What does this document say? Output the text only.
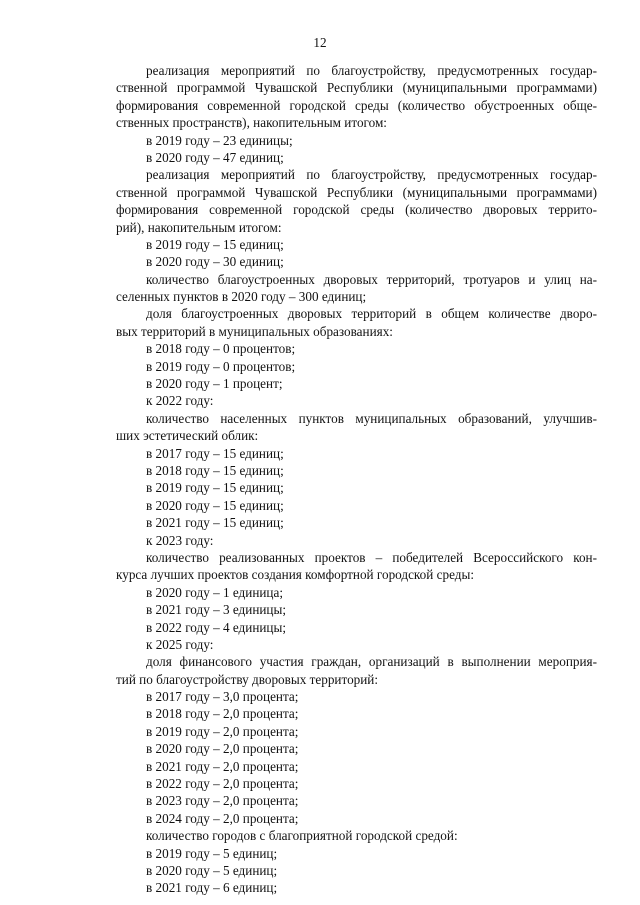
12
реализация мероприятий по благоустройству, предусмотренных государ-
ственной программой Чувашской Республики (муниципальными программами)
формирования современной городской среды (количество обустроенных обще-
ственных пространств), накопительным итогом:
в 2019 году – 23 единицы;
в 2020 году – 47 единиц;
реализация мероприятий по благоустройству, предусмотренных государ-
ственной программой Чувашской Республики (муниципальными программами)
формирования современной городской среды (количество дворовых террито-
рий), накопительным итогом:
в 2019 году – 15 единиц;
в 2020 году – 30 единиц;
количество благоустроенных дворовых территорий, тротуаров и улиц на-
селенных пунктов в 2020 году – 300 единиц;
доля благоустроенных дворовых территорий в общем количестве дворо-
вых территорий в муниципальных образованиях:
в 2018 году – 0 процентов;
в 2019 году – 0 процентов;
в 2020 году – 1 процент;
к 2022 году:
количество населенных пунктов муниципальных образований, улучшив-
ших эстетический облик:
в 2017 году – 15 единиц;
в 2018 году – 15 единиц;
в 2019 году – 15 единиц;
в 2020 году – 15 единиц;
в 2021 году – 15 единиц;
к 2023 году:
количество реализованных проектов – победителей Всероссийского кон-
курса лучших проектов создания комфортной городской среды:
в 2020 году – 1 единица;
в 2021 году – 3 единицы;
в 2022 году – 4 единицы;
к 2025 году:
доля финансового участия граждан, организаций в выполнении мероприя-
тий по благоустройству дворовых территорий:
в 2017 году – 3,0 процента;
в 2018 году – 2,0 процента;
в 2019 году – 2,0 процента;
в 2020 году – 2,0 процента;
в 2021 году – 2,0 процента;
в 2022 году – 2,0 процента;
в 2023 году – 2,0 процента;
в 2024 году – 2,0 процента;
количество городов с благоприятной городской средой:
в 2019 году – 5 единиц;
в 2020 году – 5 единиц;
в 2021 году – 6 единиц;
